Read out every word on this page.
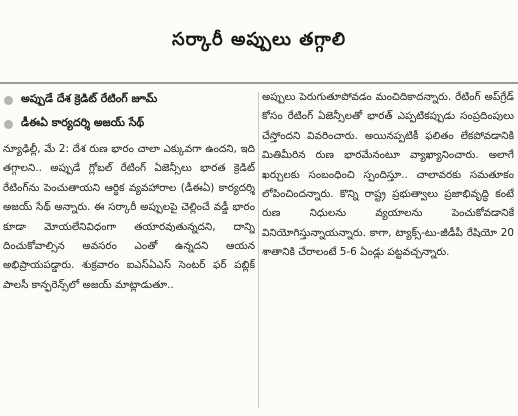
సర్కారీ అప్పులు తగ్గాలి
అప్పుడే దేశ క్రెడిట్ రేటింగ్ జూమ్
డీఈఏ కార్యదర్శి అజయ్ సేథ్

న్యూఢిల్లీ, మే 2: దేశ రుణ భారం చాలా ఎక్కువగా ఉందని, ఇది తగ్గాలని.. అప్పుడే గ్లోబల్ రేటింగ్ ఏజెన్సీలు భారత క్రెడిట్ రేటింగ్‌ను పెంచుతాయని ఆర్థిక వ్యవహారాల (డీఈఏ) కార్యదర్శి అజయ్ సేథ్ అన్నారు. ఈ సర్కారీ అప్పులపై చెల్లించే వడ్డీ భారం కూడా మోయలేనివిధంగా తయారవుతున్నదని, దాన్ని దించుకోవాల్సిన అవసరం ఎంతో ఉన్నదని ఆయన అభిప్రాయపడ్డారు. శుక్రవారం ఐఎస్‌ఏఎస్ సెంటర్ ఫర్ పబ్లిక్ పాలసీ కాన్ఫరెన్స్‌లో అజయ్ మాట్లాడుతూ..

అప్పులు పెరుగుతూపోవడం మంచిదికాదన్నారు. రేటింగ్ అప్‌గ్రేడ్ కోసం రేటింగ్ ఏజెన్సీలతో భారత్ ఎప్పటికప్పుడు సంప్రదింపులు చేస్తోందని వివరించారు. అయినప్పటికీ ఫలితం లేకపోవడానికి మితిమీరిన రుణ భారమేనంటూ వ్యాఖ్యానించారు. అలాగే ఖర్చులకు సంబంధించి స్పందిస్తూ.. చాలావరకు సమతూకం లోపించిందన్నారు. కొన్ని రాష్ట్ర ప్రభుత్వాలు ప్రజాభివృద్ధి కంటే రుణ నిధులను వ్యయాలను పెంచుకోవడానికే వినియోగిస్తున్నాయన్నారు. కాగా, ట్యాక్స్-టు-జీడీపీ రేషియో 20 శాతానికి చేరాలంటే 5-6 ఏండ్లు పట్టవచ్చన్నారు.
